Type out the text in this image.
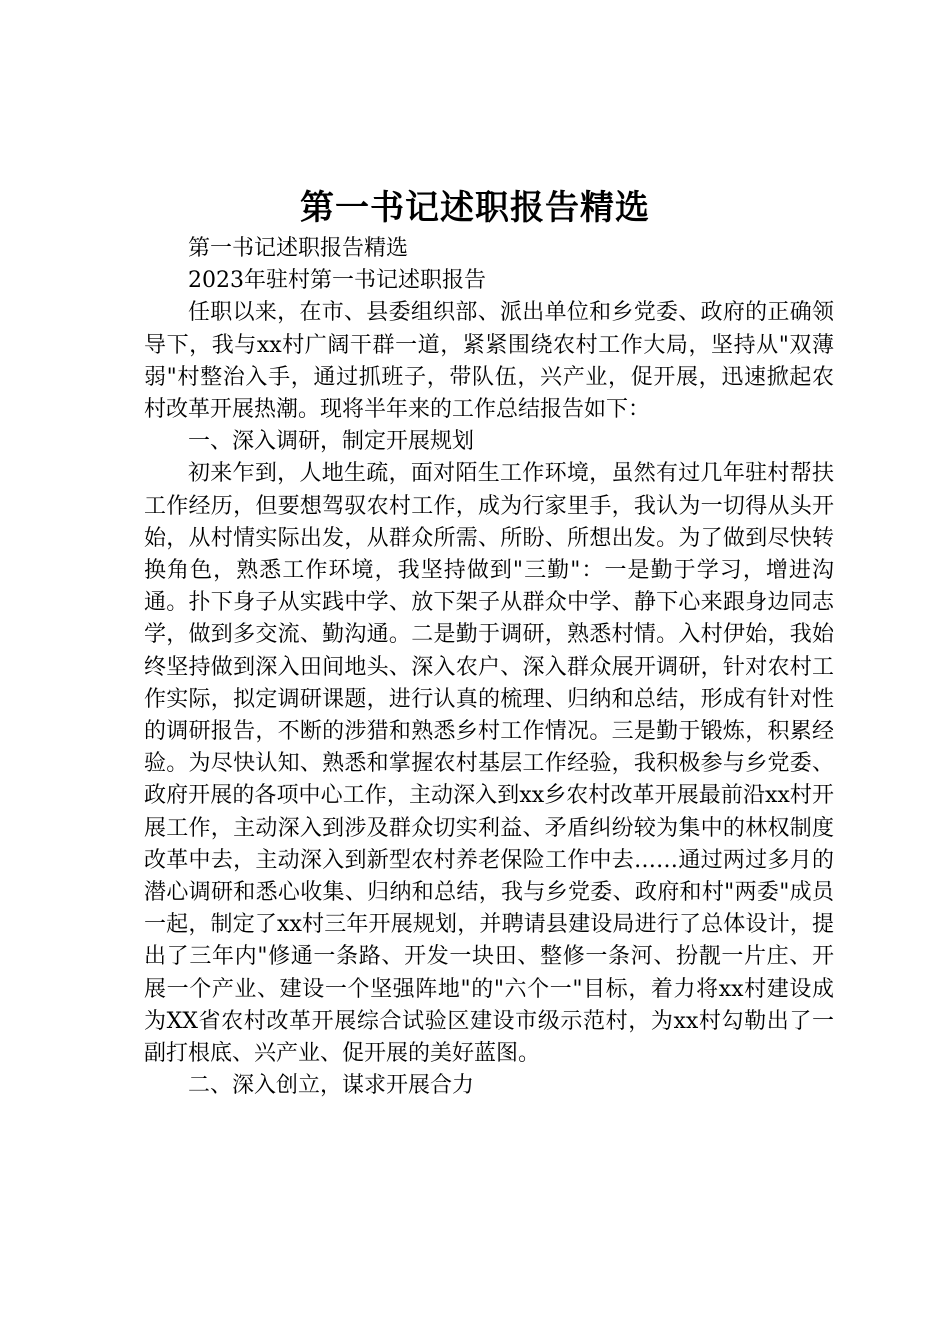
第一书记述职报告精选

第一书记述职报告精选

2023年驻村第一书记述职报告

任职以来，在市、县委组织部、派出单位和乡党委、政府的正确领导下，我与xx村广阔干群一道，紧紧围绕农村工作大局，坚持从"双薄弱"村整治入手，通过抓班子，带队伍，兴产业，促开展，迅速掀起农村改革开展热潮。现将半年来的工作总结报告如下：

一、深入调研，制定开展规划

初来乍到，人地生疏，面对陌生工作环境，虽然有过几年驻村帮扶工作经历，但要想驾驭农村工作，成为行家里手，我认为一切得从头开始，从村情实际出发，从群众所需、所盼、所想出发。为了做到尽快转换角色，熟悉工作环境，我坚持做到"三勤"：一是勤于学习，增进沟通。扑下身子从实践中学、放下架子从群众中学、静下心来跟身边同志学，做到多交流、勤沟通。二是勤于调研，熟悉村情。入村伊始，我始终坚持做到深入田间地头、深入农户、深入群众展开调研，针对农村工作实际，拟定调研课题，进行认真的梳理、归纳和总结，形成有针对性的调研报告，不断的涉猎和熟悉乡村工作情况。三是勤于锻炼，积累经验。为尽快认知、熟悉和掌握农村基层工作经验，我积极参与乡党委、政府开展的各项中心工作，主动深入到xx乡农村改革开展最前沿xx村开展工作，主动深入到涉及群众切实利益、矛盾纠纷较为集中的林权制度改革中去，主动深入到新型农村养老保险工作中去……通过两过多月的潜心调研和悉心收集、归纳和总结，我与乡党委、政府和村"两委"成员一起，制定了xx村三年开展规划，并聘请县建设局进行了总体设计，提出了三年内"修通一条路、开发一块田、整修一条河、扮靓一片庄、开展一个产业、建设一个坚强阵地"的"六个一"目标，着力将xx村建设成为XX省农村改革开展综合试验区建设市级示范村，为xx村勾勒出了一副打根底、兴产业、促开展的美好蓝图。

二、深入创立，谋求开展合力
